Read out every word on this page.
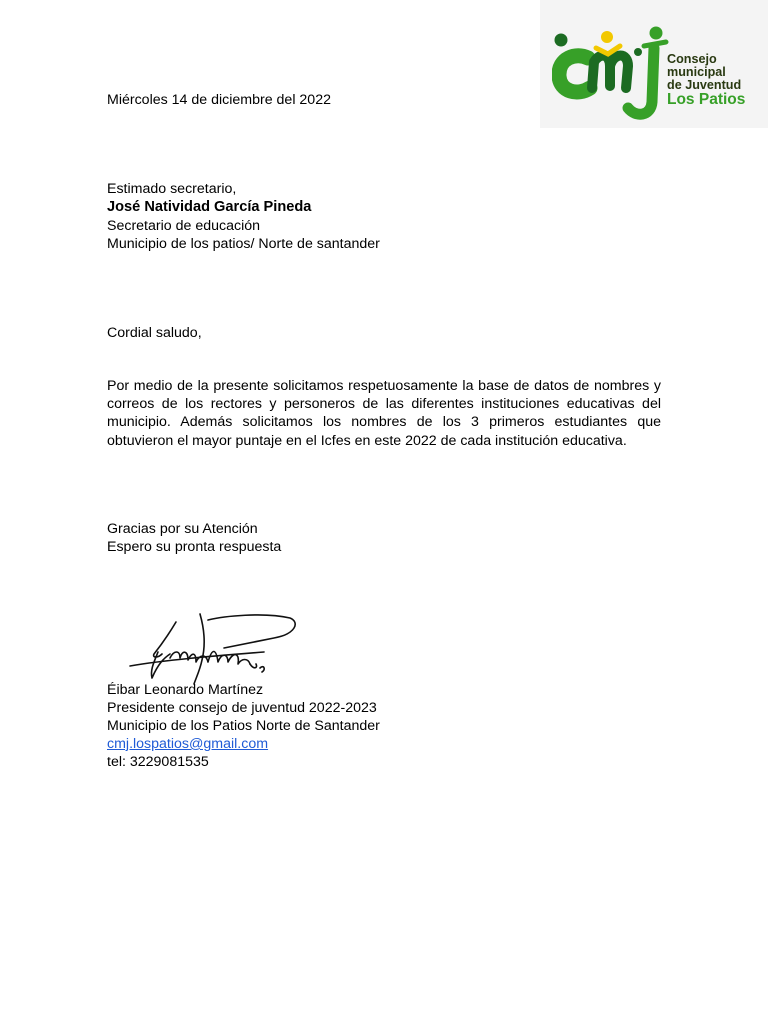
Consejo
municipal
de Juventud
Los Patios
Miércoles 14 de diciembre del 2022
Estimado secretario,
José Natividad García Pineda
Secretario de educación
Municipio de los patios/ Norte de santander
Cordial saludo,
Por medio de la presente solicitamos respetuosamente la base de datos de nombres y correos de los rectores y personeros de las diferentes instituciones educativas del municipio. Además solicitamos los nombres de los 3 primeros estudiantes que obtuvieron el mayor puntaje en el Icfes en este 2022 de cada institución educativa.
Gracias por su Atención
Espero su pronta respuesta
Éibar Leonardo Martínez
Presidente consejo de juventud 2022-2023
Municipio de los Patios Norte de Santander
cmj.lospatios@gmail.com
tel: 3229081535
